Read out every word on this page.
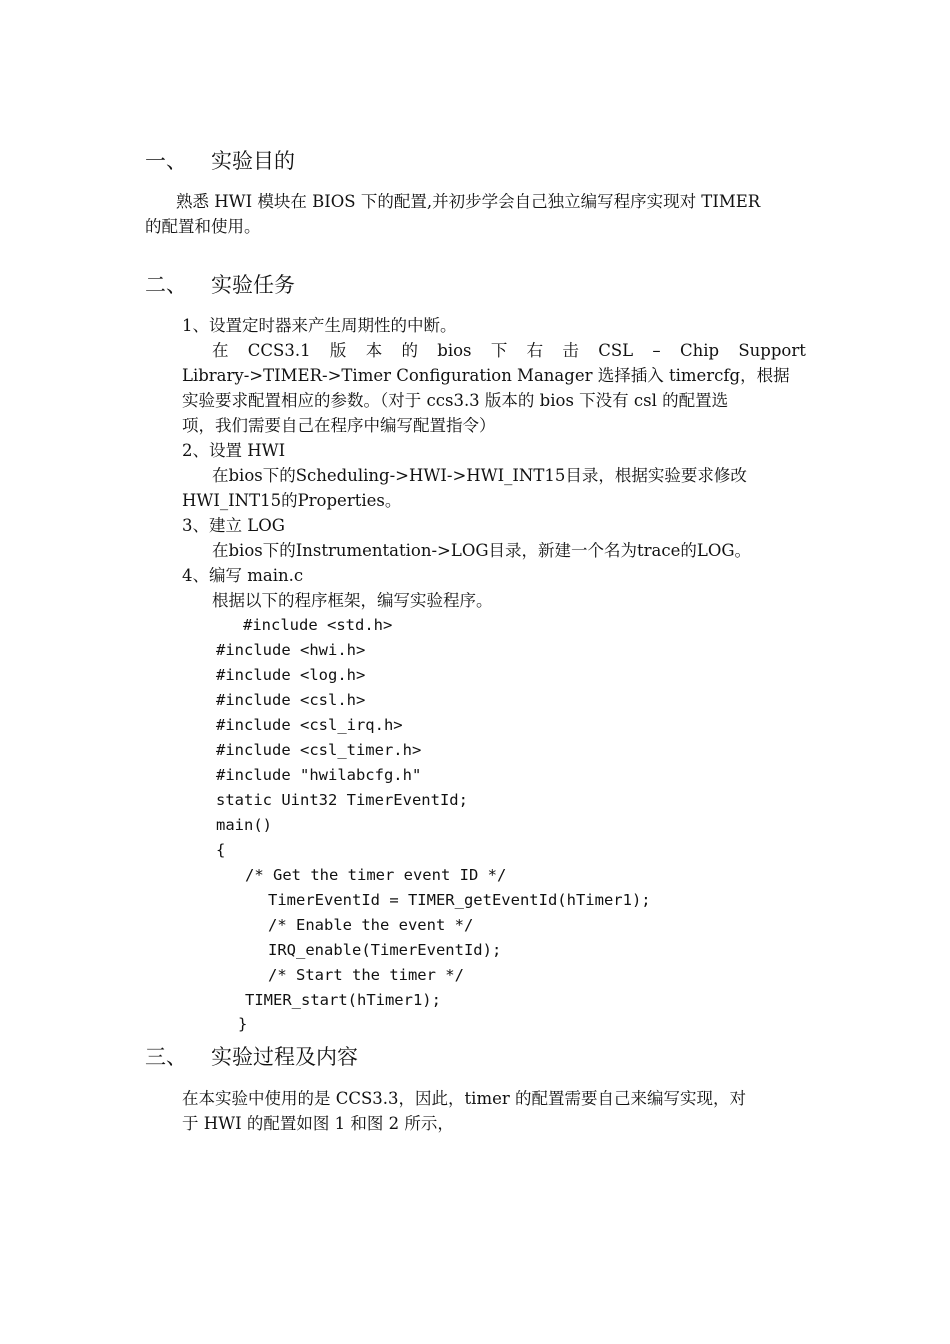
一、 实验目的
熟悉 HWI 模块在 BIOS 下的配置,并初步学会自己独立编写程序实现对 TIMER
的配置和使用。
二、 实验任务
1、设置定时器来产生周期性的中断。
在 CCS3.1 版 本 的 bios 下 右 击 CSL – Chip Support
Library->TIMER->Timer Configuration Manager 选择插入 timercfg，根据
实验要求配置相应的参数。（对于 ccs3.3 版本的 bios 下没有 csl 的配置选
项，我们需要自己在程序中编写配置指令）
2、设置 HWI
在bios下的Scheduling->HWI->HWI_INT15目录，根据实验要求修改
HWI_INT15的Properties。
3、建立 LOG
在bios下的Instrumentation->LOG目录，新建一个名为trace的LOG。
4、编写 main.c
根据以下的程序框架，编写实验程序。
#include <std.h>
#include <hwi.h>
#include <log.h>
#include <csl.h>
#include <csl_irq.h>
#include <csl_timer.h>
#include "hwilabcfg.h"
static Uint32 TimerEventId;
main()
{
/* Get the timer event ID */
TimerEventId = TIMER_getEventId(hTimer1);
/* Enable the event */
IRQ_enable(TimerEventId);
/* Start the timer */
TIMER_start(hTimer1);
}
三、 实验过程及内容
在本实验中使用的是 CCS3.3，因此，timer 的配置需要自己来编写实现，对
于 HWI 的配置如图 1 和图 2 所示，
